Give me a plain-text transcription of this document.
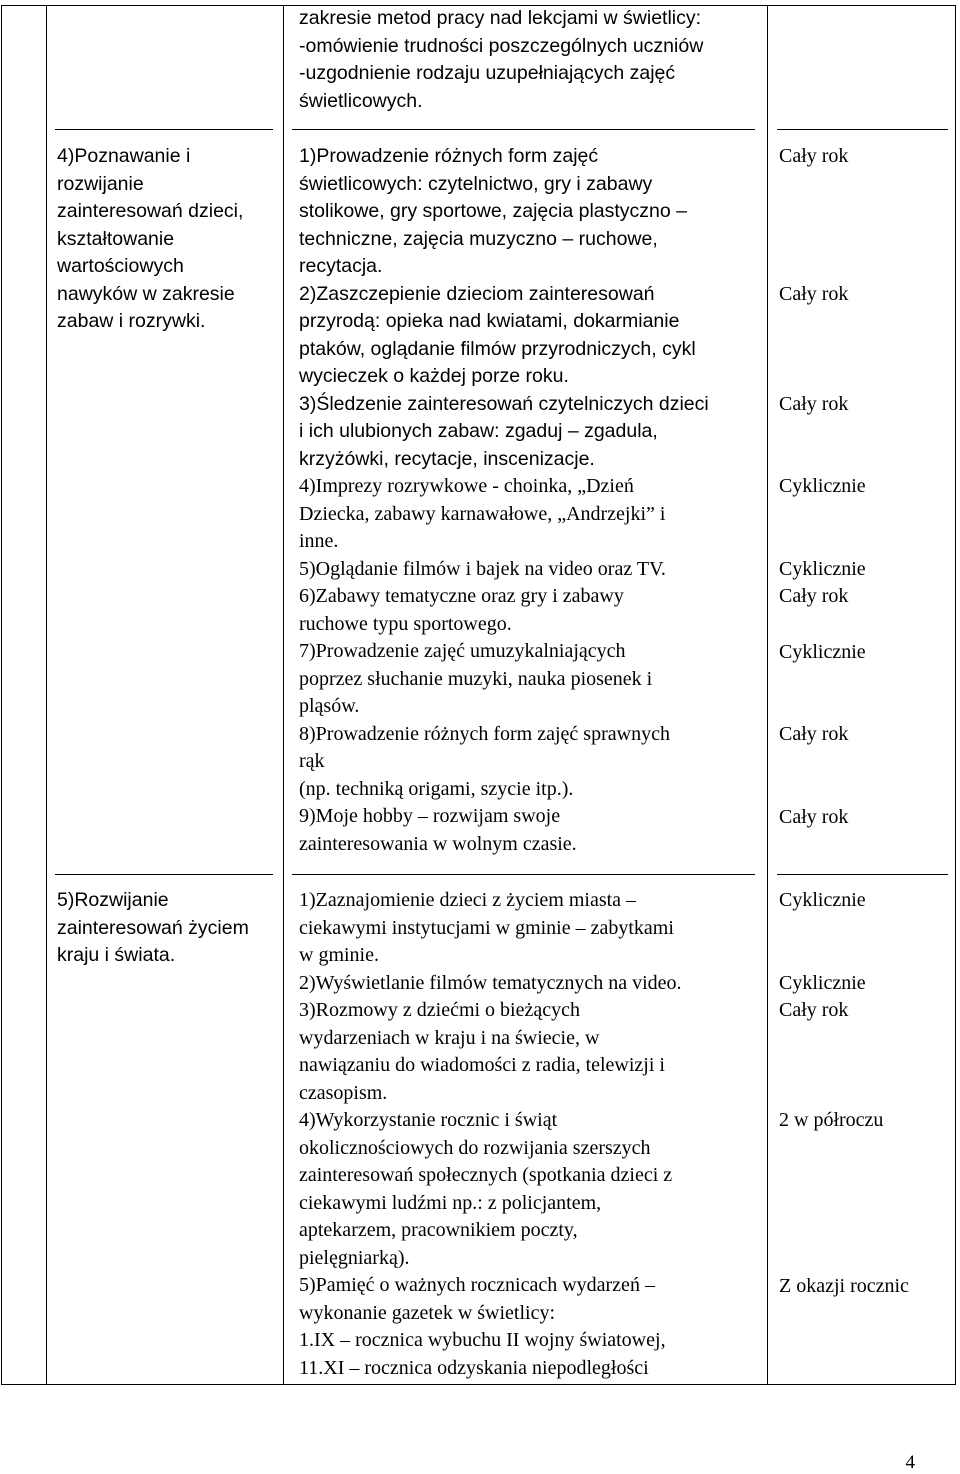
zakresie metod pracy nad lekcjami w świetlicy:
-omówienie trudności poszczególnych uczniów
-uzgodnienie rodzaju uzupełniających zajęć
świetlicowych.
4)Poznawanie i
rozwijanie
zainteresowań dzieci,
kształtowanie
wartościowych
nawyków w zakresie
zabaw i rozrywki.
1)Prowadzenie różnych form zajęć
świetlicowych: czytelnictwo, gry i zabawy
stolikowe, gry sportowe, zajęcia plastyczno –
techniczne, zajęcia muzyczno – ruchowe,
recytacja.
2)Zaszczepienie dzieciom zainteresowań
przyrodą: opieka nad kwiatami, dokarmianie
ptaków, oglądanie filmów przyrodniczych, cykl
wycieczek o każdej porze roku.
3)Śledzenie zainteresowań czytelniczych dzieci
i ich ulubionych zabaw: zgaduj – zgadula,
krzyżówki, recytacje, inscenizacje.
4)Imprezy rozrywkowe - choinka, „Dzień
Dziecka, zabawy karnawałowe, „Andrzejki” i
inne.
5)Oglądanie filmów i bajek na video oraz TV.
6)Zabawy tematyczne oraz gry i zabawy
ruchowe typu sportowego.
7)Prowadzenie zajęć umuzykalniających
poprzez słuchanie muzyki, nauka piosenek i
pląsów.
8)Prowadzenie różnych form zajęć sprawnych
rąk
(np. techniką origami, szycie itp.).
9)Moje hobby – rozwijam swoje
zainteresowania w wolnym czasie.
Cały rok
Cały rok
Cały rok
Cyklicznie
Cyklicznie
Cały rok
Cyklicznie
Cały rok
Cały rok
5)Rozwijanie
zainteresowań życiem
kraju i świata.
1)Zaznajomienie dzieci z życiem miasta –
ciekawymi instytucjami w gminie – zabytkami
w gminie.
2)Wyświetlanie filmów tematycznych na video.
3)Rozmowy z dziećmi o bieżących
wydarzeniach w kraju i na świecie, w
nawiązaniu do wiadomości z radia, telewizji i
czasopism.
4)Wykorzystanie rocznic i świąt
okolicznościowych do rozwijania szerszych
zainteresowań społecznych (spotkania dzieci z
ciekawymi ludźmi np.: z policjantem,
aptekarzem, pracownikiem poczty,
pielęgniarką).
5)Pamięć o ważnych rocznicach wydarzeń –
wykonanie gazetek w świetlicy:
1.IX – rocznica wybuchu II wojny światowej,
11.XI – rocznica odzyskania niepodległości
Cyklicznie
Cyklicznie
Cały rok
2 w półroczu
Z okazji rocznic
4
